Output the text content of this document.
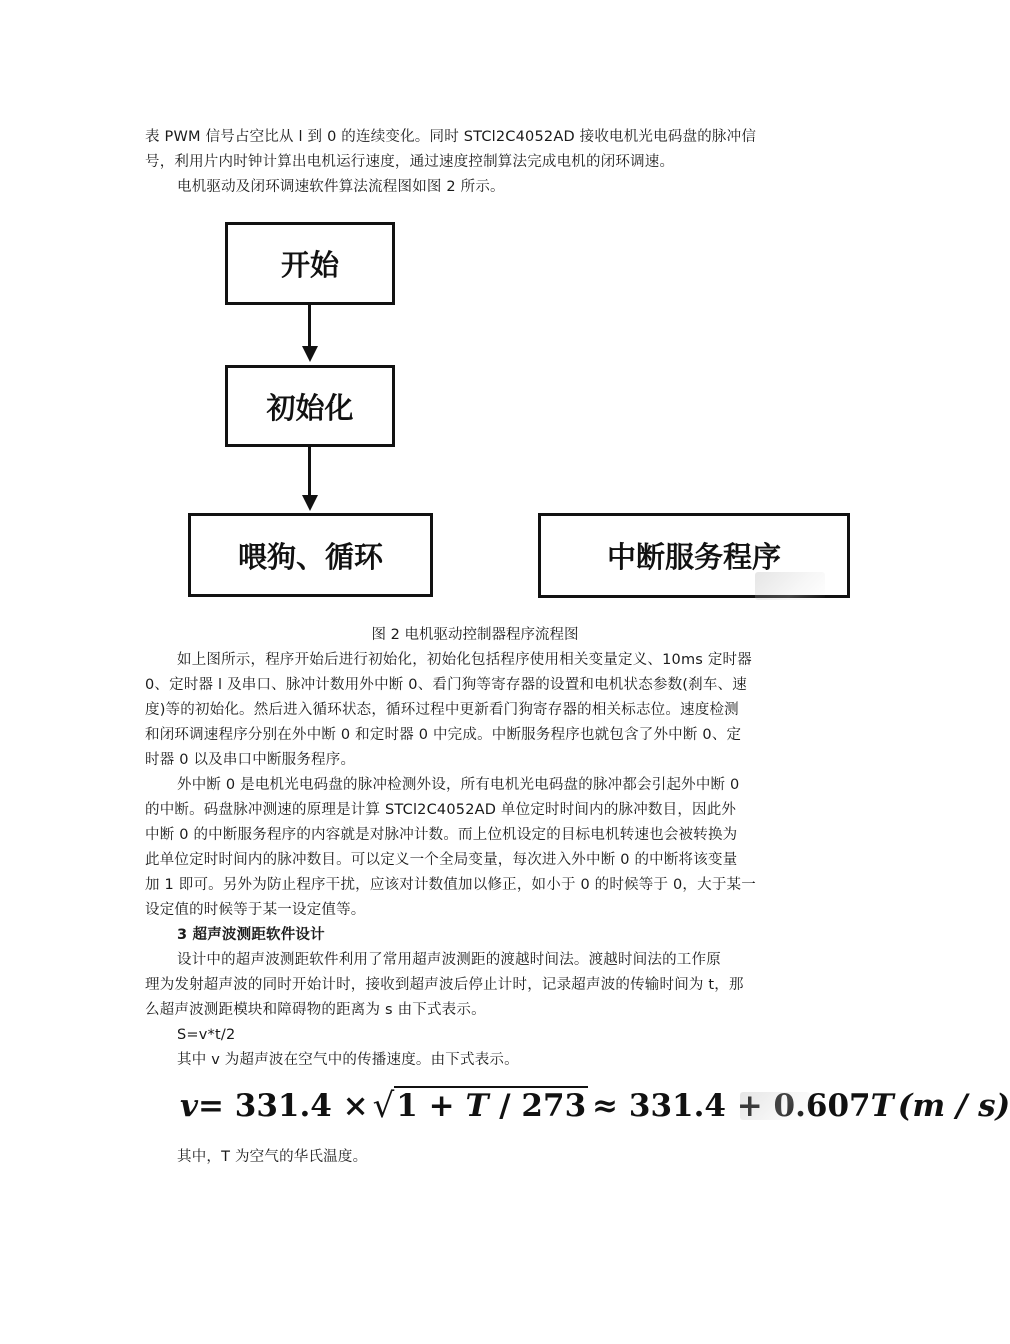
表 PWM 信号占空比从 l 到 0 的连续变化。同时 STCl2C4052AD 接收电机光电码盘的脉冲信
号，利用片内时钟计算出电机运行速度，通过速度控制算法完成电机的闭环调速。
电机驱动及闭环调速软件算法流程图如图 2 所示。
开始
初始化
喂狗、循环	中断服务程序
图 2 电机驱动控制器程序流程图
如上图所示，程序开始后进行初始化，初始化包括程序使用相关变量定义、10ms 定时器
0、定时器 l 及串口、脉冲计数用外中断 0、看门狗等寄存器的设置和电机状态参数(刹车、速
度)等的初始化。然后进入循环状态，循环过程中更新看门狗寄存器的相关标志位。速度检测
和闭环调速程序分别在外中断 0 和定时器 0 中完成。中断服务程序也就包含了外中断 0、定
时器 0 以及串口中断服务程序。
外中断 0 是电机光电码盘的脉冲检测外设，所有电机光电码盘的脉冲都会引起外中断 0
的中断。码盘脉冲测速的原理是计算 STCl2C4052AD 单位定时时间内的脉冲数目，因此外
中断 0 的中断服务程序的内容就是对脉冲计数。而上位机设定的目标电机转速也会被转换为
此单位定时时间内的脉冲数目。可以定义一个全局变量，每次进入外中断 0 的中断将该变量
加 1 即可。另外为防止程序干扰，应该对计数值加以修正，如小于 0 的时候等于 0，大于某一
设定值的时候等于某一设定值等。
3 超声波测距软件设计
设计中的超声波测距软件利用了常用超声波测距的渡越时间法。渡越时间法的工作原
理为发射超声波的同时开始计时，接收到超声波后停止计时，记录超声波的传输时间为 t，那
么超声波测距模块和障碍物的距离为 s 由下式表示。
S=v*t/2
其中 v 为超声波在空气中的传播速度。由下式表示。
v = 331.4 × √ 1 + T / 273 ≈ 331.4 + 0.607 T (m / s)
其中，T 为空气的华氏温度。
